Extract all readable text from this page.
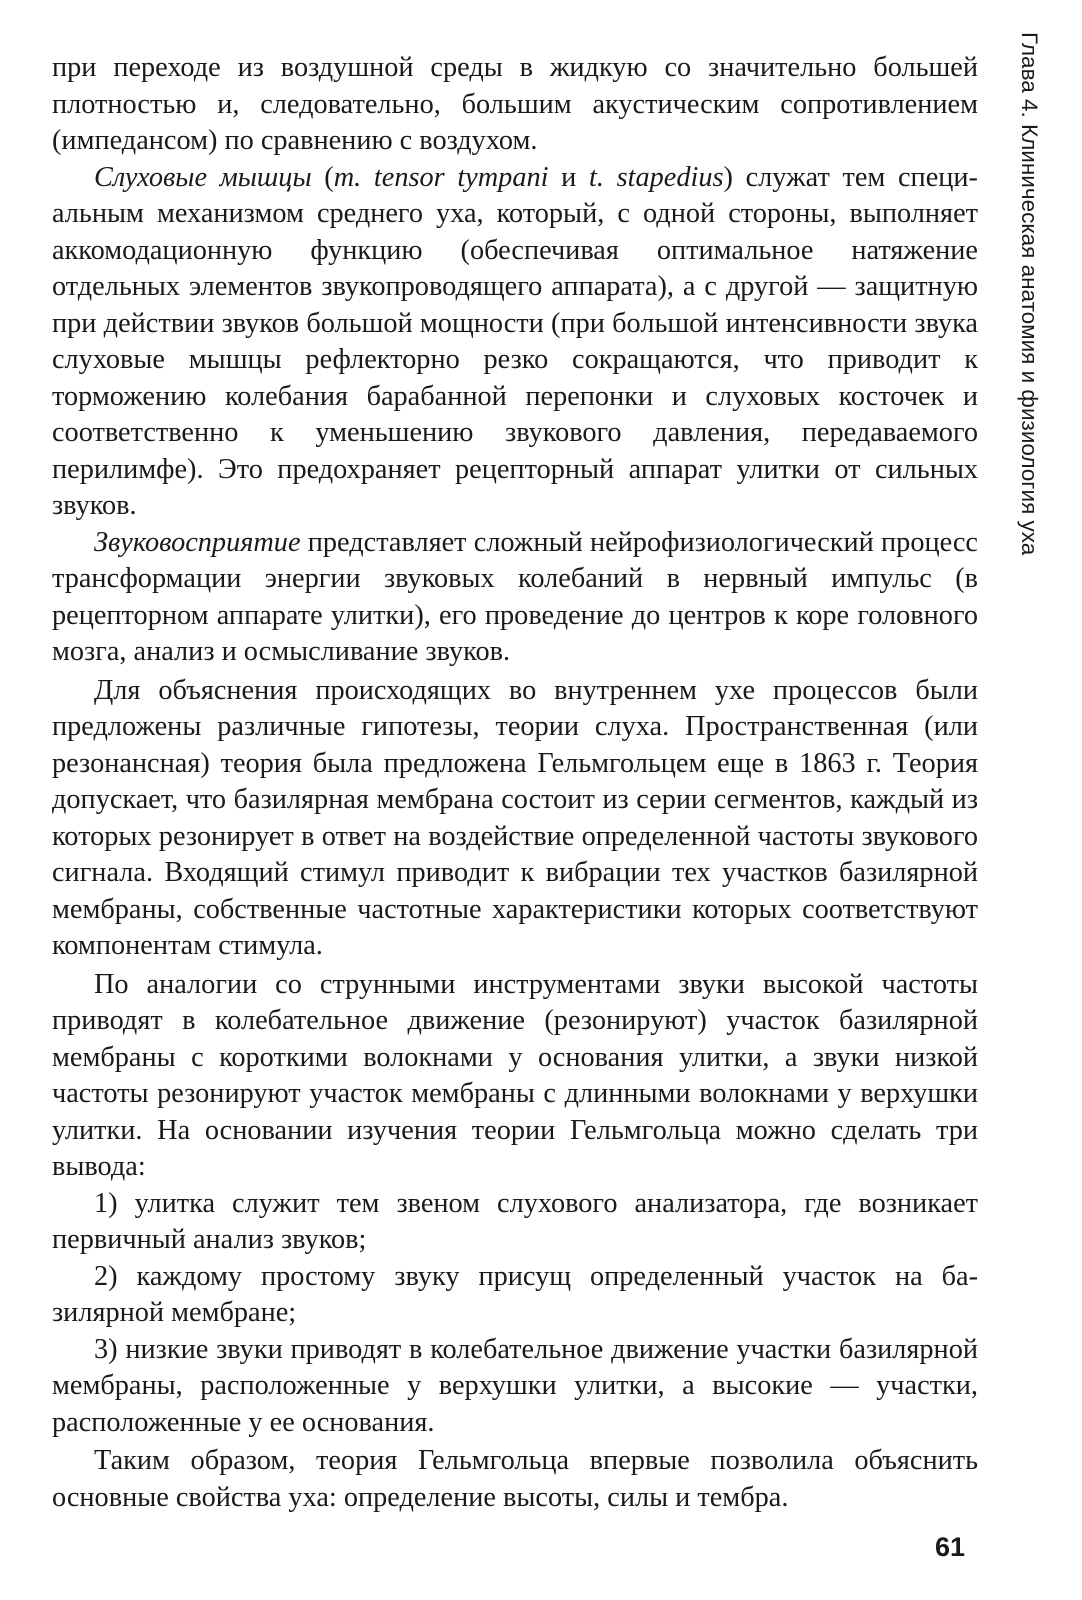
Глава 4. Клиническая анатомия и физиология уха

при переходе из воздушной среды в жидкую со значительно большей плотностью и, следовательно, большим акустическим сопротивлением (импедансом) по сравнению с воздухом.

Слуховые мышцы (m. tensor tympani и t. stapedius) служат тем специальным механизмом среднего уха, который, с одной стороны, выполняет аккомодационную функцию (обеспечивая оптимальное натяжение отдельных элементов звукопроводящего аппарата), а с другой — защитную при действии звуков большой мощности (при большой интенсивности звука слуховые мышцы рефлекторно резко сокращаются, что приводит к торможению колебания барабанной перепонки и слуховых косточек и соответственно к уменьшению звукового давления, передаваемого перилимфе). Это предохраняет рецепторный аппарат улитки от сильных звуков.

Звуковосприятие представляет сложный нейрофизиологический процесс трансформации энергии звуковых колебаний в нервный импульс (в рецепторном аппарате улитки), его проведение до центров к коре головного мозга, анализ и осмысливание звуков.

Для объяснения происходящих во внутреннем ухе процессов были предложены различные гипотезы, теории слуха. Пространственная (или резонансная) теория была предложена Гельмгольцем еще в 1863 г. Теория допускает, что базилярная мембрана состоит из серии сегментов, каждый из которых резонирует в ответ на воздействие определенной частоты звукового сигнала. Входящий стимул приводит к вибрации тех участков базилярной мембраны, собственные частотные характеристики которых соответствуют компонентам стимула.

По аналогии со струнными инструментами звуки высокой частоты приводят в колебательное движение (резонируют) участок базилярной мембраны с короткими волокнами у основания улитки, а звуки низкой частоты резонируют участок мембраны с длинными волокнами у верхушки улитки. На основании изучения теории Гельмгольца можно сделать три вывода:

1) улитка служит тем звеном слухового анализатора, где возникает первичный анализ звуков;

2) каждому простому звуку присущ определенный участок на базилярной мембране;

3) низкие звуки приводят в колебательное движение участки базилярной мембраны, расположенные у верхушки улитки, а высокие — участки, расположенные у ее основания.

Таким образом, теория Гельмгольца впервые позволила объяснить основные свойства уха: определение высоты, силы и тембра.

61
